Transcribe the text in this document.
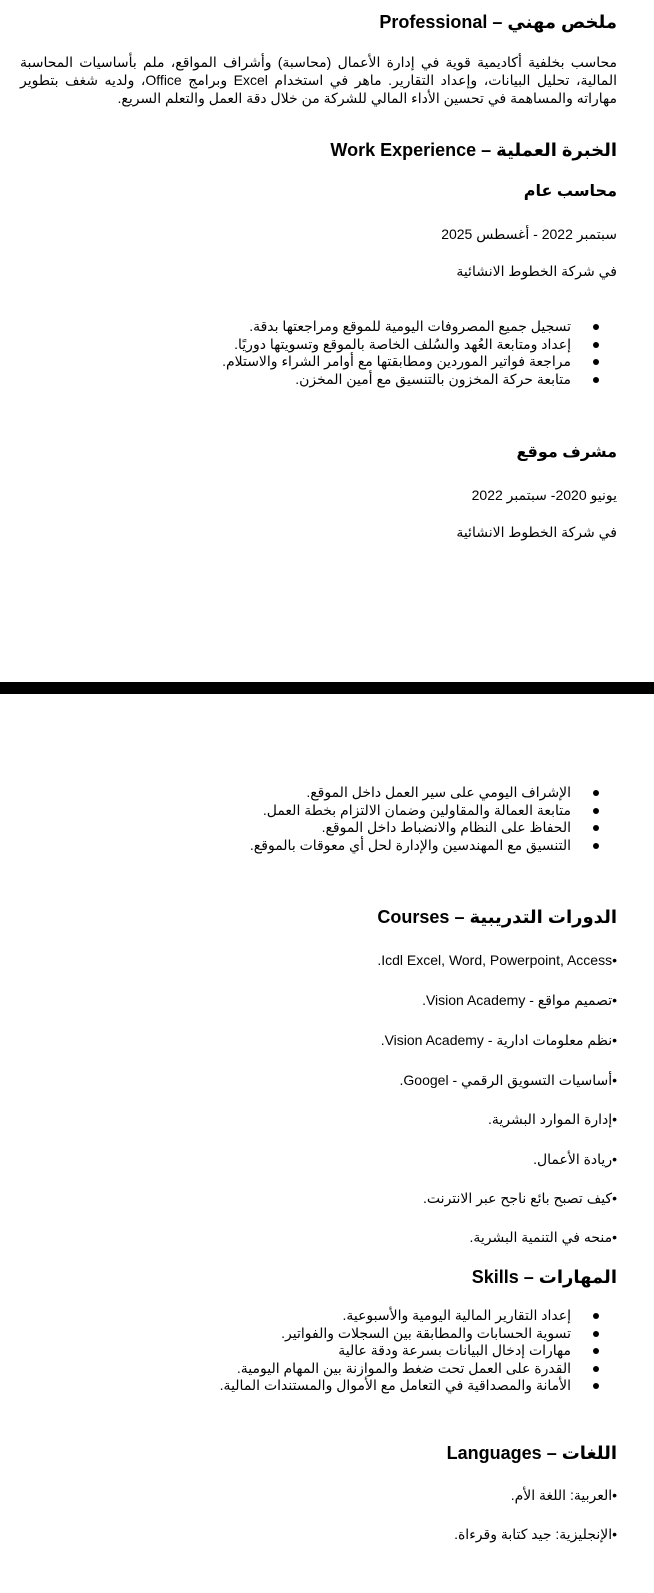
ملخص مهني – Professional

محاسب بخلفية أكاديمية قوية في إدارة الأعمال (محاسبة) وأشراف المواقع، ملم بأساسيات المحاسبة المالية، تحليل البيانات، وإعداد التقارير. ماهر في استخدام Excel وبرامج Office، ولديه شغف بتطوير مهاراته والمساهمة في تحسين الأداء المالي للشركة من خلال دقة العمل والتعلم السريع.

الخبرة العملية – Work Experience
محاسب عام

سبتمبر 2022 - أغسطس 2025

في شركة الخطوط الانشائية

تسجيل جميع المصروفات اليومية للموقع ومراجعتها بدقة.
إعداد ومتابعة العُهد والسُلف الخاصة بالموقع وتسويتها دوريًا.
مراجعة فواتير الموردين ومطابقتها مع أوامر الشراء والاستلام.
متابعة حركة المخزون بالتنسيق مع أمين المخزن.
مشرف موقع

يونيو 2020- سبتمبر 2022

في شركة الخطوط الانشائية

الإشراف اليومي على سير العمل داخل الموقع.
متابعة العمالة والمقاولين وضمان الالتزام بخطة العمل.
الحفاظ على النظام والانضباط داخل الموقع.
التنسيق مع المهندسين والإدارة لحل أي معوقات بالموقع.
الدورات التدريبية – Courses

•Icdl Excel, Word, Powerpoint, Access.

•تصميم مواقع - Vision Academy.

•نظم معلومات ادارية - Vision Academy.

•أساسيات التسويق الرقمي - Googel.

•إدارة الموارد البشرية.

•ريادة الأعمال.

•كيف تصبح بائع ناجح عبر الانترنت.

•منحه في التنمية البشرية.

المهارات – Skills
إعداد التقارير المالية اليومية والأسبوعية.
تسوية الحسابات والمطابقة بين السجلات والفواتير.
مهارات إدخال البيانات بسرعة ودقة عالية
القدرة على العمل تحت ضغط والموازنة بين المهام اليومية.
الأمانة والمصداقية في التعامل مع الأموال والمستندات المالية.
اللغات – Languages

•العربية: اللغة الأم.

•الإنجليزية: جيد كتابة وقرءاة.
